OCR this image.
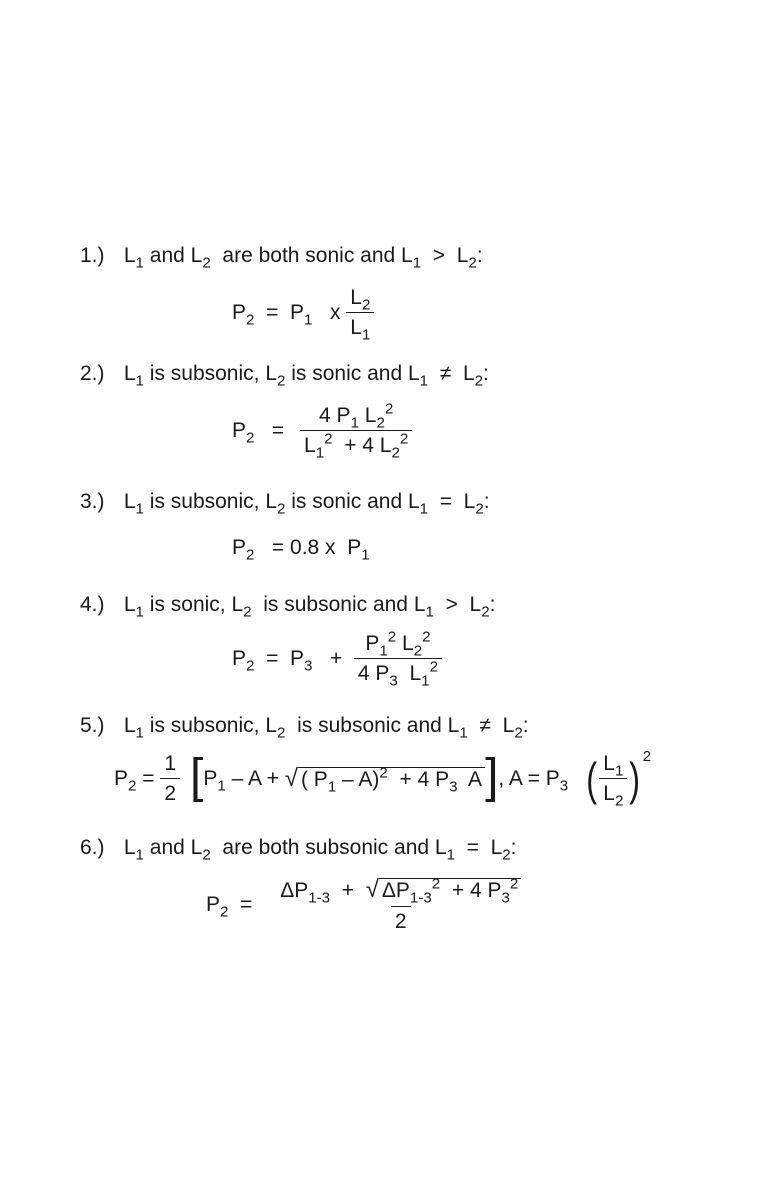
1.) $L_1$ and $L_2$  are both sonic and $L_1 > L_2$:
2.) $L_1$ is subsonic, $L_2$ is sonic and $L_1 \ne L_2$:
3.) $L_1$ is subsonic, $L_2$ is sonic and $L_1 = L_2$:
4.) $L_1$ is sonic, $L_2$  is subsonic and $L_1 > L_2$:
5.) $L_1$ is subsonic, $L_2$  is subsonic and $L_1 \ne L_2$:
6.) $L_1$ and $L_2$  are both subsonic and $L_1 = L_2$:
$P_2 = P_1$   x $\frac{L_2}{L_1}$
$P_2 = \frac{4 P_1 L_2^2}{L_1^2 + 4 L_2^2}$
$P_2 = 0.8$ x  $P_1$
$P_2 = P_3 + \frac{P_1^2 L_2^2}{4 P_3 L_1^2}$
$P_2 = \frac{1}{2}$ [ $P_1$ – A + √ ( $P_1 - A)^2 + 4$ $P_3$  A ] , $A = P_3$ ( $\frac{L_1}{L_2}$ ) 2
$P_2 = \frac{\Delta P_{1-3} + √ \Delta P_{1-3}^2 + 4 P_3^2}{2}$
